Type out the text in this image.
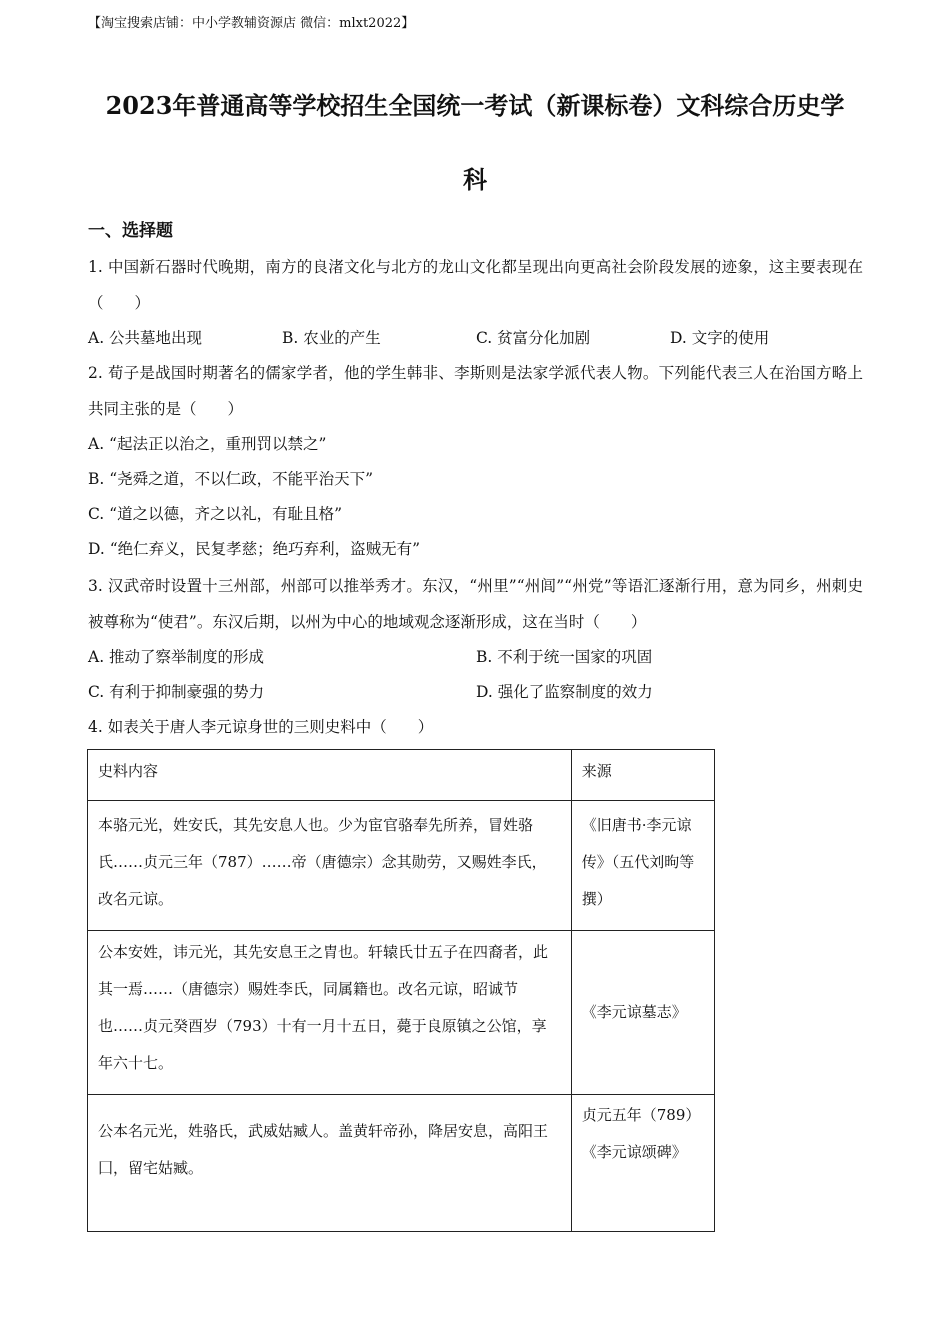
【淘宝搜索店铺：中小学教辅资源店 微信：mlxt2022】
2023年普通高等学校招生全国统一考试（新课标卷）文科综合历史学
科
一、选择题
1. 中国新石器时代晚期，南方的良渚文化与北方的龙山文化都呈现出向更高社会阶段发展的迹象，这主要表现在（　　）
A. 公共墓地出现	B. 农业的产生	C. 贫富分化加剧	D. 文字的使用
2. 荀子是战国时期著名的儒家学者，他的学生韩非、李斯则是法家学派代表人物。下列能代表三人在治国方略上共同主张的是（　　）
A. “起法正以治之，重刑罚以禁之”
B. “尧舜之道，不以仁政，不能平治天下”
C. “道之以德，齐之以礼，有耻且格”
D. “绝仁弃义，民复孝慈；绝巧弃利，盗贼无有”
3. 汉武帝时设置十三州部，州部可以推举秀才。东汉，“州里”“州闾”“州党”等语汇逐渐行用，意为同乡，州刺史被尊称为“使君”。东汉后期，以州为中心的地域观念逐渐形成，这在当时（　　）
A. 推动了察举制度的形成	B. 不利于统一国家的巩固
C. 有利于抑制豪强的势力	D. 强化了监察制度的效力
4. 如表关于唐人李元谅身世的三则史料中（　　）
史料内容	来源
本骆元光，姓安氏，其先安息人也。少为宦官骆奉先所养，冒姓骆氏……贞元三年（787）……帝（唐德宗）念其勋劳，又赐姓李氏，改名元谅。	《旧唐书·李元谅传》（五代刘昫等撰）
公本安姓，讳元光，其先安息王之胄也。轩辕氏廿五子在四裔者，此其一焉……（唐德宗）赐姓李氏，同属籍也。改名元谅，昭诚节也……贞元癸酉岁（793）十有一月十五日，薨于良原镇之公馆，享年六十七。	《李元谅墓志》
公本名元光，姓骆氏，武威姑臧人。盖黄轩帝孙，降居安息，高阳王囗，留宅姑臧。	贞元五年（789）《李元谅颂碑》
